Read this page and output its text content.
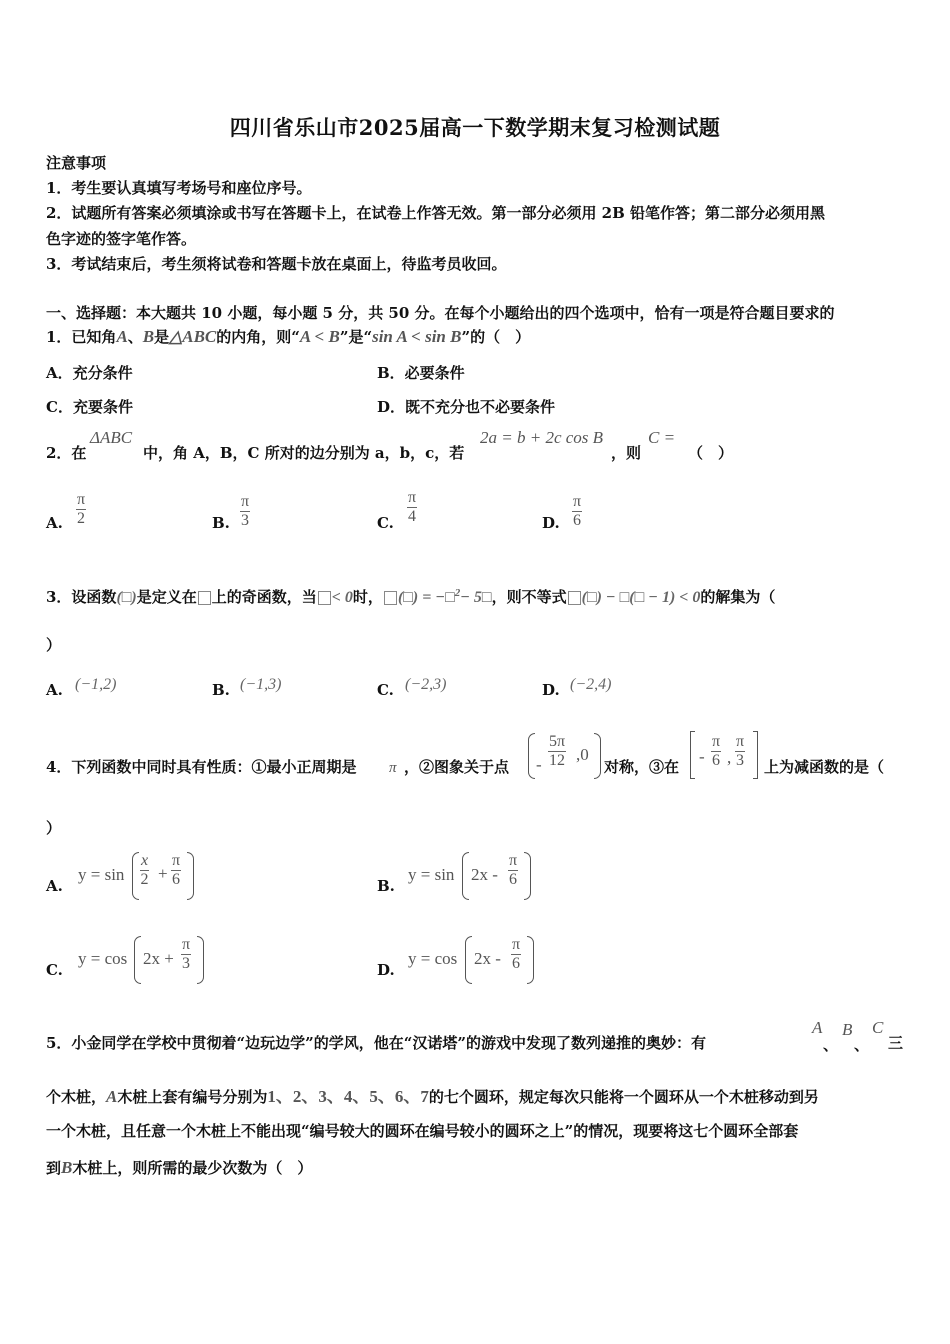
四川省乐山市2025届高一下数学期末复习检测试题
注意事项
1．考生要认真填写考场号和座位序号。
2．试题所有答案必须填涂或书写在答题卡上，在试卷上作答无效。第一部分必须用 2B 铅笔作答；第二部分必须用黑
色字迹的签字笔作答。
3．考试结束后，考生须将试卷和答题卡放在桌面上，待监考员收回。
一、选择题：本大题共 10 小题，每小题 5 分，共 50 分。在每个小题给出的四个选项中，恰有一项是符合题目要求的
1．已知角A、B是△ABC的内角，则“A < B”是“sin A < sin B”的（　）
A．充分条件	B．必要条件
C．充要条件	D．既不充分也不必要条件
2．在
ΔABC
中，角 A，B，C 所对的边分别为 a，b，c，若
2a = b + 2c cos B
，则
C =
（　）
A. $\frac{\pi}{2}$	B. $\frac{\pi}{3}$	C. $\frac{\pi}{4}$	D. $\frac{\pi}{6}$
3．设函数(□)是定义在 上的奇函数，当 < 0时， (□) = −□$^2$− 5□，则不等式 (□) − □(□ − 1) < 0的解集为（
）
A. (−1,2)	B. (−1,3)	C. (−2,3)	D. (−2,4)
4．下列函数中同时具有性质：①最小正周期是 π ，②图象关于点 - $\frac{5\pi}{12} ,0$
对称，③在
- $\frac{\pi}{6}$ , $\frac{\pi}{3}$ 上为减函数的是（
）
A.
$y = \sin \frac{x}{2} + \frac{\pi}{6}$	B.
$y = \sin 2x - \frac{\pi}{6}$
C.
$y = \cos 2x + \frac{\pi}{3}$	D.
$y = \cos 2x - \frac{\pi}{6}$
5．小金同学在学校中贯彻着“边玩边学”的学风，他在“汉诺塔”的游戏中发现了数列递推的奥妙：有
A
、
B
、
C
三
个木桩，A木桩上套有编号分别为1、2、3、4、5、6、7的七个圆环，规定每次只能将一个圆环从一个木桩移动到另
一个木桩，且任意一个木桩上不能出现“编号较大的圆环在编号较小的圆环之上”的情况，现要将这七个圆环全部套
到B木桩上，则所需的最少次数为（　）
